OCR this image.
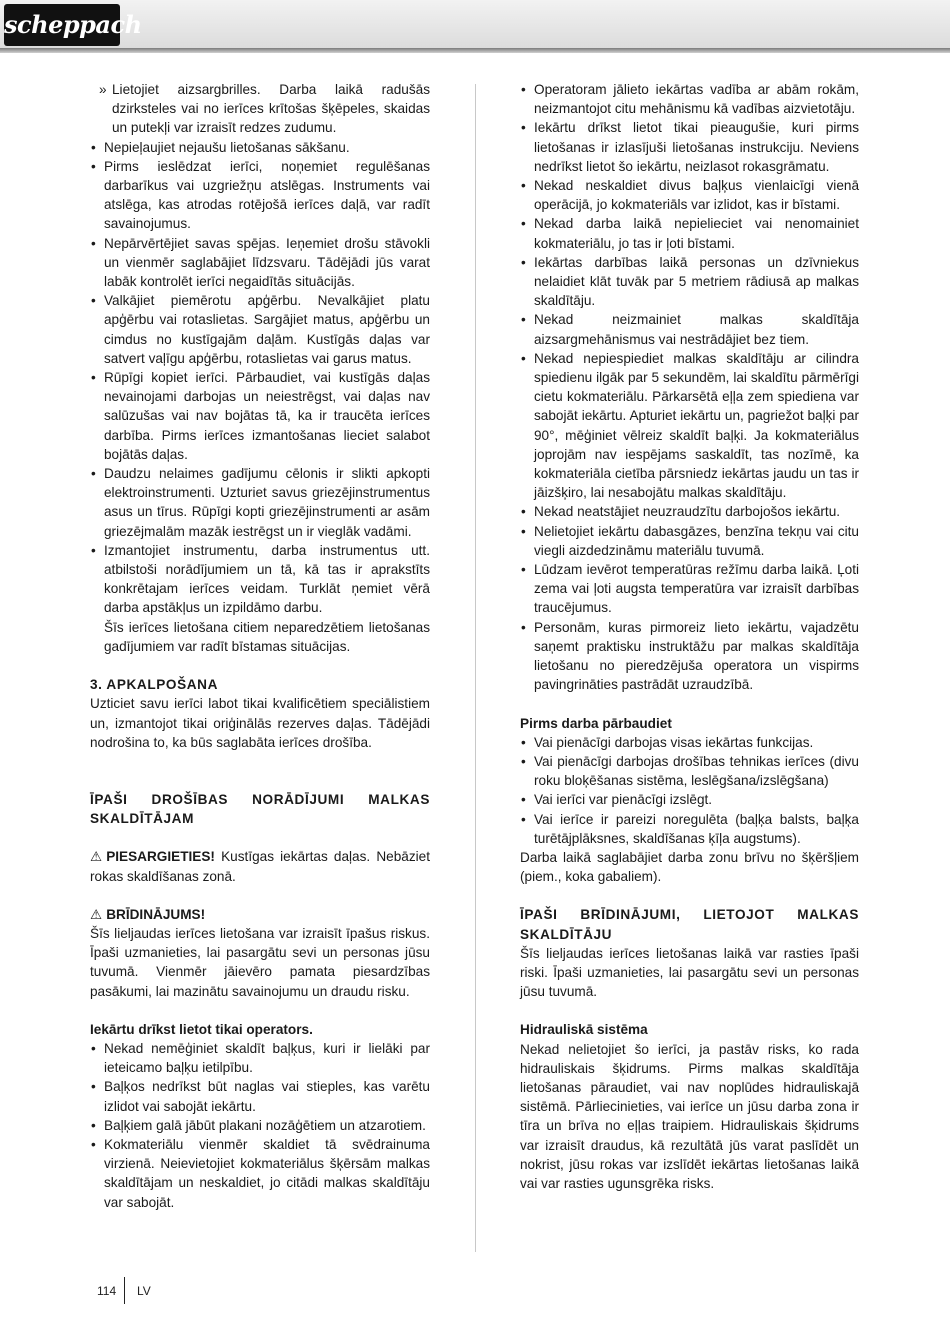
scheppach
» Lietojiet aizsargbrilles. Darba laikā radušās dzirksteles vai no ierīces krītošas šķēpeles, skaidas un putekļi var izraisīt redzes zudumu.
• Nepieļaujiet nejaušu lietošanas sākšanu.
• Pirms ieslēdzat ierīci, noņemiet regulēšanas darbarīkus vai uzgriežņu atslēgas. Instruments vai atslēga, kas atrodas rotējošā ierīces daļā, var radīt savainojumus.
• Nepārvērtējiet savas spējas. Ieņemiet drošu stāvokli un vienmēr saglabājiet līdzsvaru. Tādējādi jūs varat labāk kontrolēt ierīci negaidītās situācijās.
• Valkājiet piemērotu apģērbu. Nevalkājiet platu apģērbu vai rotaslietas. Sargājiet matus, apģērbu un cimdus no kustīgajām daļām. Kustīgās daļas var satvert vaļīgu apģērbu, rotaslietas vai garus matus.
• Rūpīgi kopiet ierīci. Pārbaudiet, vai kustīgās daļas nevainojami darbojas un neiestrēgst, vai daļas nav salūzušas vai nav bojātas tā, ka ir traucēta ierīces darbība. Pirms ierīces izmantošanas lieciet salabot bojātās daļas.
• Daudzu nelaimes gadījumu cēlonis ir slikti apkopti elektroinstrumenti. Uzturiet savus griezējinstrumentus asus un tīrus. Rūpīgi kopti griezējinstrumenti ar asām griezējmalām mazāk iestrēgst un ir vieglāk vadāmi.
• Izmantojiet instrumentu, darba instrumentus utt. atbilstoši norādījumiem un tā, kā tas ir aprakstīts konkrētajam ierīces veidam. Turklāt ņemiet vērā darba apstākļus un izpildāmo darbu.

Šīs ierīces lietošana citiem neparedzētiem lietošanas gadījumiem var radīt bīstamas situācijas.

3. APKALPOŠANA

Uzticiet savu ierīci labot tikai kvalificētiem speciālistiem un, izmantojot tikai oriģinālās rezerves daļas. Tādējādi nodrošina to, ka būs saglabāta ierīces drošība.

ĪPAŠI DROŠĪBAS NORĀDĪJUMI MALKAS SKALDĪTĀJAM

⚠ PIESARGIETIES! Kustīgas iekārtas daļas. Nebāziet rokas skaldīšanas zonā.

⚠ BRĪDINĀJUMS!

Šīs lieljaudas ierīces lietošana var izraisīt īpašus riskus. Īpaši uzmanieties, lai pasargātu sevi un personas jūsu tuvumā. Vienmēr jāievēro pamata piesardzības pasākumi, lai mazinātu savainojumu un draudu risku.

Iekārtu drīkst lietot tikai operators.

• Nekad nemēģiniet skaldīt baļķus, kuri ir lielāki par ieteicamo baļķu ietilpību.
• Baļķos nedrīkst būt naglas vai stieples, kas varētu izlidot vai sabojāt iekārtu.
• Baļķiem galā jābūt plakani nozāģētiem un atzarotiem.
• Kokmateriālu vienmēr skaldiet tā svēdrainuma virzienā. Neievietojiet kokmateriālus šķērsām malkas skaldītājam un neskaldiet, jo citādi malkas skaldītāju var sabojāt.
• Operatoram jālieto iekārtas vadība ar abām rokām, neizmantojot citu mehānismu kā vadības aizvietotāju.
• Iekārtu drīkst lietot tikai pieaugušie, kuri pirms lietošanas ir izlasījuši lietošanas instrukciju. Neviens nedrīkst lietot šo iekārtu, neizlasot rokasgrāmatu.
• Nekad neskaldiet divus baļķus vienlaicīgi vienā operācijā, jo kokmateriāls var izlidot, kas ir bīstami.
• Nekad darba laikā nepielieciet vai nenomainiet kokmateriālu, jo tas ir ļoti bīstami.
• Iekārtas darbības laikā personas un dzīvniekus nelaidiet klāt tuvāk par 5 metriem rādiusā ap malkas skaldītāju.
• Nekad neizmainiet malkas skaldītāja aizsargmehānismus vai nestrādājiet bez tiem.
• Nekad nepiespiediet malkas skaldītāju ar cilindra spiedienu ilgāk par 5 sekundēm, lai skaldītu pārmērīgi cietu kokmateriālu. Pārkarsētā eļļa zem spiediena var sabojāt iekārtu. Apturiet iekārtu un, pagriežot baļķi par 90°, mēģiniet vēlreiz skaldīt baļķi. Ja kokmateriālus joprojām nav iespējams saskaldīt, tas nozīmē, ka kokmateriāla cietība pārsniedz iekārtas jaudu un tas ir jāizšķiro, lai nesabojātu malkas skaldītāju.
• Nekad neatstājiet neuzraudzītu darbojošos iekārtu.
• Nelietojiet iekārtu dabasgāzes, benzīna tekņu vai citu viegli aizdedzināmu materiālu tuvumā.
• Lūdzam ievērot temperatūras režīmu darba laikā. Ļoti zema vai ļoti augsta temperatūra var izraisīt darbības traucējumus.
• Personām, kuras pirmoreiz lieto iekārtu, vajadzētu saņemt praktisku instruktāžu par malkas skaldītāja lietošanu no pieredzējuša operatora un vispirms pavingrināties pastrādāt uzraudzībā.

Pirms darba pārbaudiet

• Vai pienācīgi darbojas visas iekārtas funkcijas.
• Vai pienācīgi darbojas drošības tehnikas ierīces (divu roku bloķēšanas sistēma, leslēgšana/izslēgšana)
• Vai ierīci var pienācīgi izslēgt.
• Vai ierīce ir pareizi noregulēta (baļķa balsts, baļķa turētājplāksnes, skaldīšanas ķīļa augstums).

Darba laikā saglabājiet darba zonu brīvu no šķēršļiem (piem., koka gabaliem).

ĪPAŠI BRĪDINĀJUMI, LIETOJOT MALKAS SKALDĪTĀJU

Šīs lieljaudas ierīces lietošanas laikā var rasties īpaši riski. Īpaši uzmanieties, lai pasargātu sevi un personas jūsu tuvumā.

Hidrauliskā sistēma

Nekad nelietojiet šo ierīci, ja pastāv risks, ko rada hidrauliskais šķidrums. Pirms malkas skaldītāja lietošanas pāraudiet, vai nav noplūdes hidrauliskajā sistēmā. Pārliecinieties, vai ierīce un jūsu darba zona ir tīra un brīva no eļļas traipiem. Hidrauliskais šķidrums var izraisīt draudus, kā rezultātā jūs varat paslīdēt un nokrist, jūsu rokas var izslīdēt iekārtas lietošanas laikā vai var rasties ugunsgrēka risks.

114 LV
